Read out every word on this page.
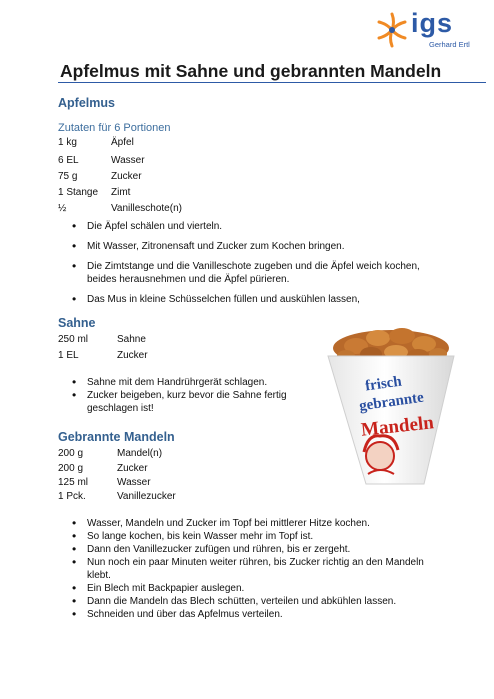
igs
Gerhard Ertl
Apfelmus mit Sahne und gebrannten Mandeln
Apfelmus
Zutaten für 6 Portionen
1 kg	Äpfel
6 EL	Wasser
75 g	Zucker
1 Stange Zimt
½	Vanilleschote(n)
• Die Äpfel schälen und vierteln.
• Mit Wasser, Zitronensaft und Zucker zum Kochen bringen.
• Die Zimtstange und die Vanilleschote zugeben und die Äpfel weich kochen, beides herausnehmen und die Äpfel pürieren.
• Das Mus in kleine Schüsselchen füllen und auskühlen lassen,
Sahne
250 ml	Sahne
1 EL	Zucker
• Sahne mit dem Handrührgerät schlagen.
• Zucker beigeben, kurz bevor die Sahne fertig geschlagen ist!
Gebrannte Mandeln
200 g	Mandel(n)
200 g	Zucker
125 ml	Wasser
1 Pck.	Vanillezucker
• Wasser, Mandeln und Zucker im Topf bei mittlerer Hitze kochen.
• So lange kochen, bis kein Wasser mehr im Topf ist.
• Dann den Vanillezucker zufügen und rühren, bis er zergeht.
• Nun noch ein paar Minuten weiter rühren, bis Zucker richtig an den Mandeln klebt.
• Ein Blech mit Backpapier auslegen.
• Dann die Mandeln das Blech schütten, verteilen und abkühlen lassen.
• Schneiden und über das Apfelmus verteilen.
frisch
gebrannte
Mandeln
